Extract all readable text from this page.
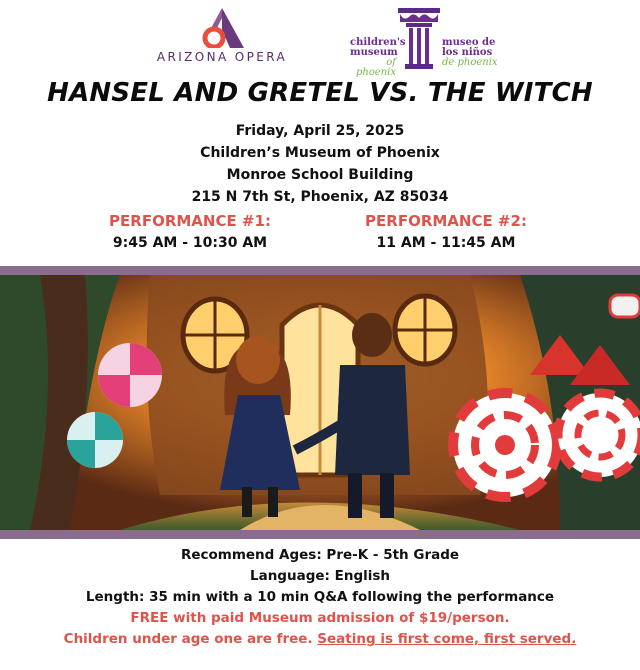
ARIZONA OPERA
children's
museum
of phoenix
museo de
los niños
de phoenix
HANSEL AND GRETEL VS. THE WITCH
Friday, April 25, 2025
Children’s Museum of Phoenix
Monroe School Building
215 N 7th St, Phoenix, AZ 85034
PERFORMANCE #1:
9:45 AM - 10:30 AM
PERFORMANCE #2:
11 AM - 11:45 AM
Recommend Ages: Pre-K - 5th Grade
Language: English
Length: 35 min with a 10 min Q&A following the performance
FREE with paid Museum admission of $19/person.
Children under age one are free. Seating is first come, first served.
